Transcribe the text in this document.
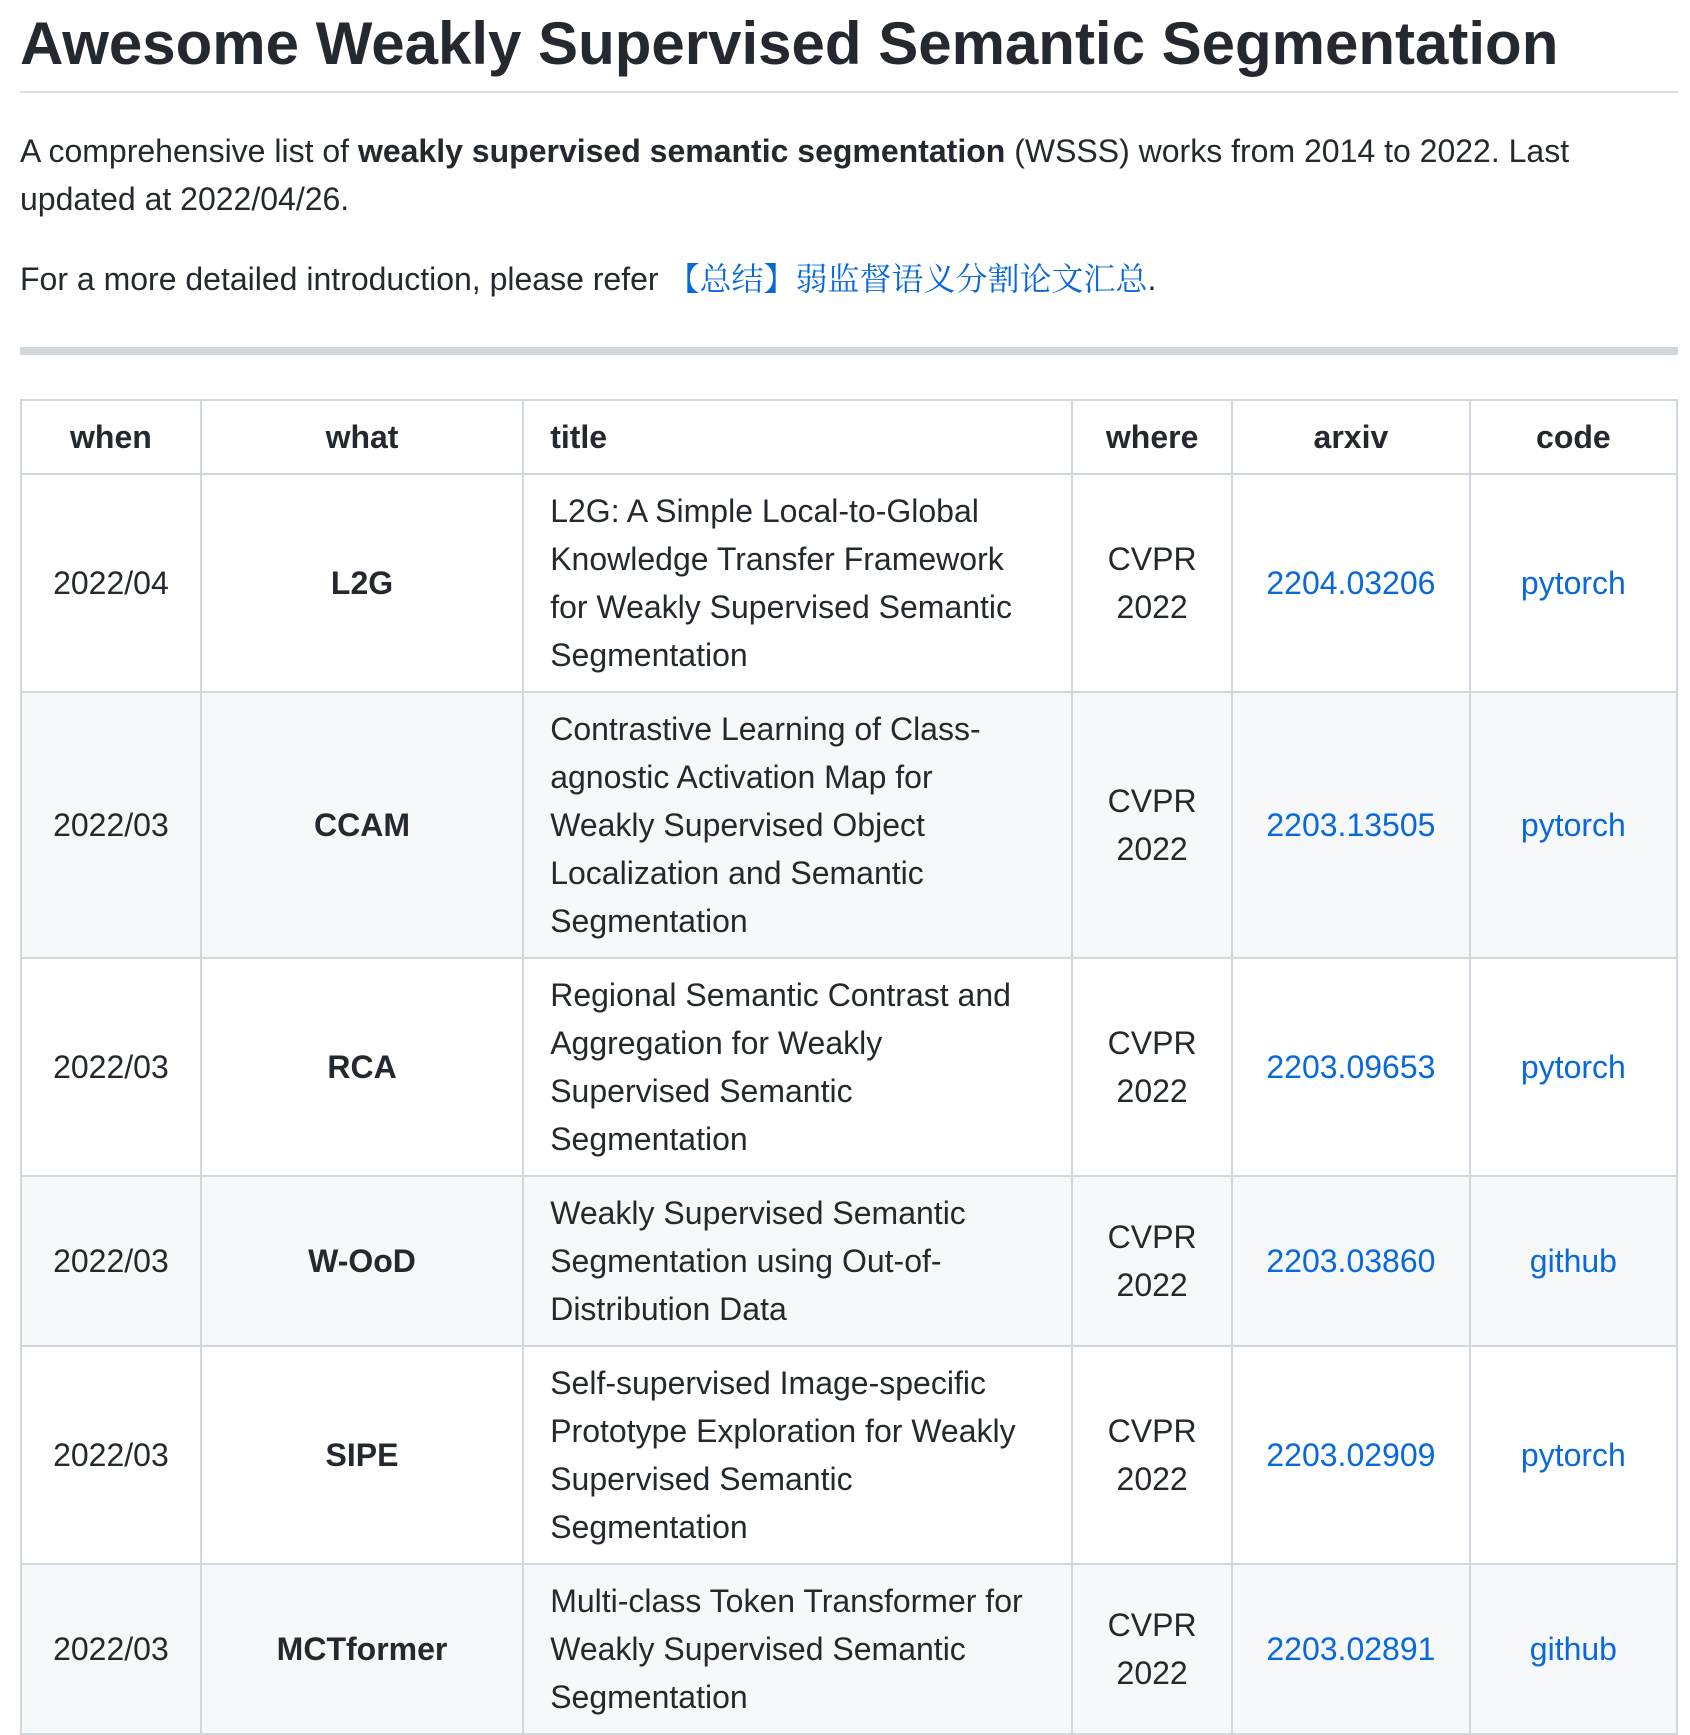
Awesome Weakly Supervised Semantic Segmentation

A comprehensive list of weakly supervised semantic segmentation (WSSS) works from 2014 to 2022. Last updated at 2022/04/26.

For a more detailed introduction, please refer 【总结】弱监督语义分割论文汇总.

when	what	title	where	arxiv	code
2022/04	L2G	L2G: A Simple Local-to-Global Knowledge Transfer Framework for Weakly Supervised Semantic Segmentation	CVPR 2022	2204.03206	pytorch
2022/03	CCAM	Contrastive Learning of Class-agnostic Activation Map for Weakly Supervised Object Localization and Semantic Segmentation	CVPR 2022	2203.13505	pytorch
2022/03	RCA	Regional Semantic Contrast and Aggregation for Weakly Supervised Semantic Segmentation	CVPR 2022	2203.09653	pytorch
2022/03	W-OoD	Weakly Supervised Semantic Segmentation using Out-of-Distribution Data	CVPR 2022	2203.03860	github
2022/03	SIPE	Self-supervised Image-specific Prototype Exploration for Weakly Supervised Semantic Segmentation	CVPR 2022	2203.02909	pytorch
2022/03	MCTformer	Multi-class Token Transformer for Weakly Supervised Semantic Segmentation	CVPR 2022	2203.02891	github
